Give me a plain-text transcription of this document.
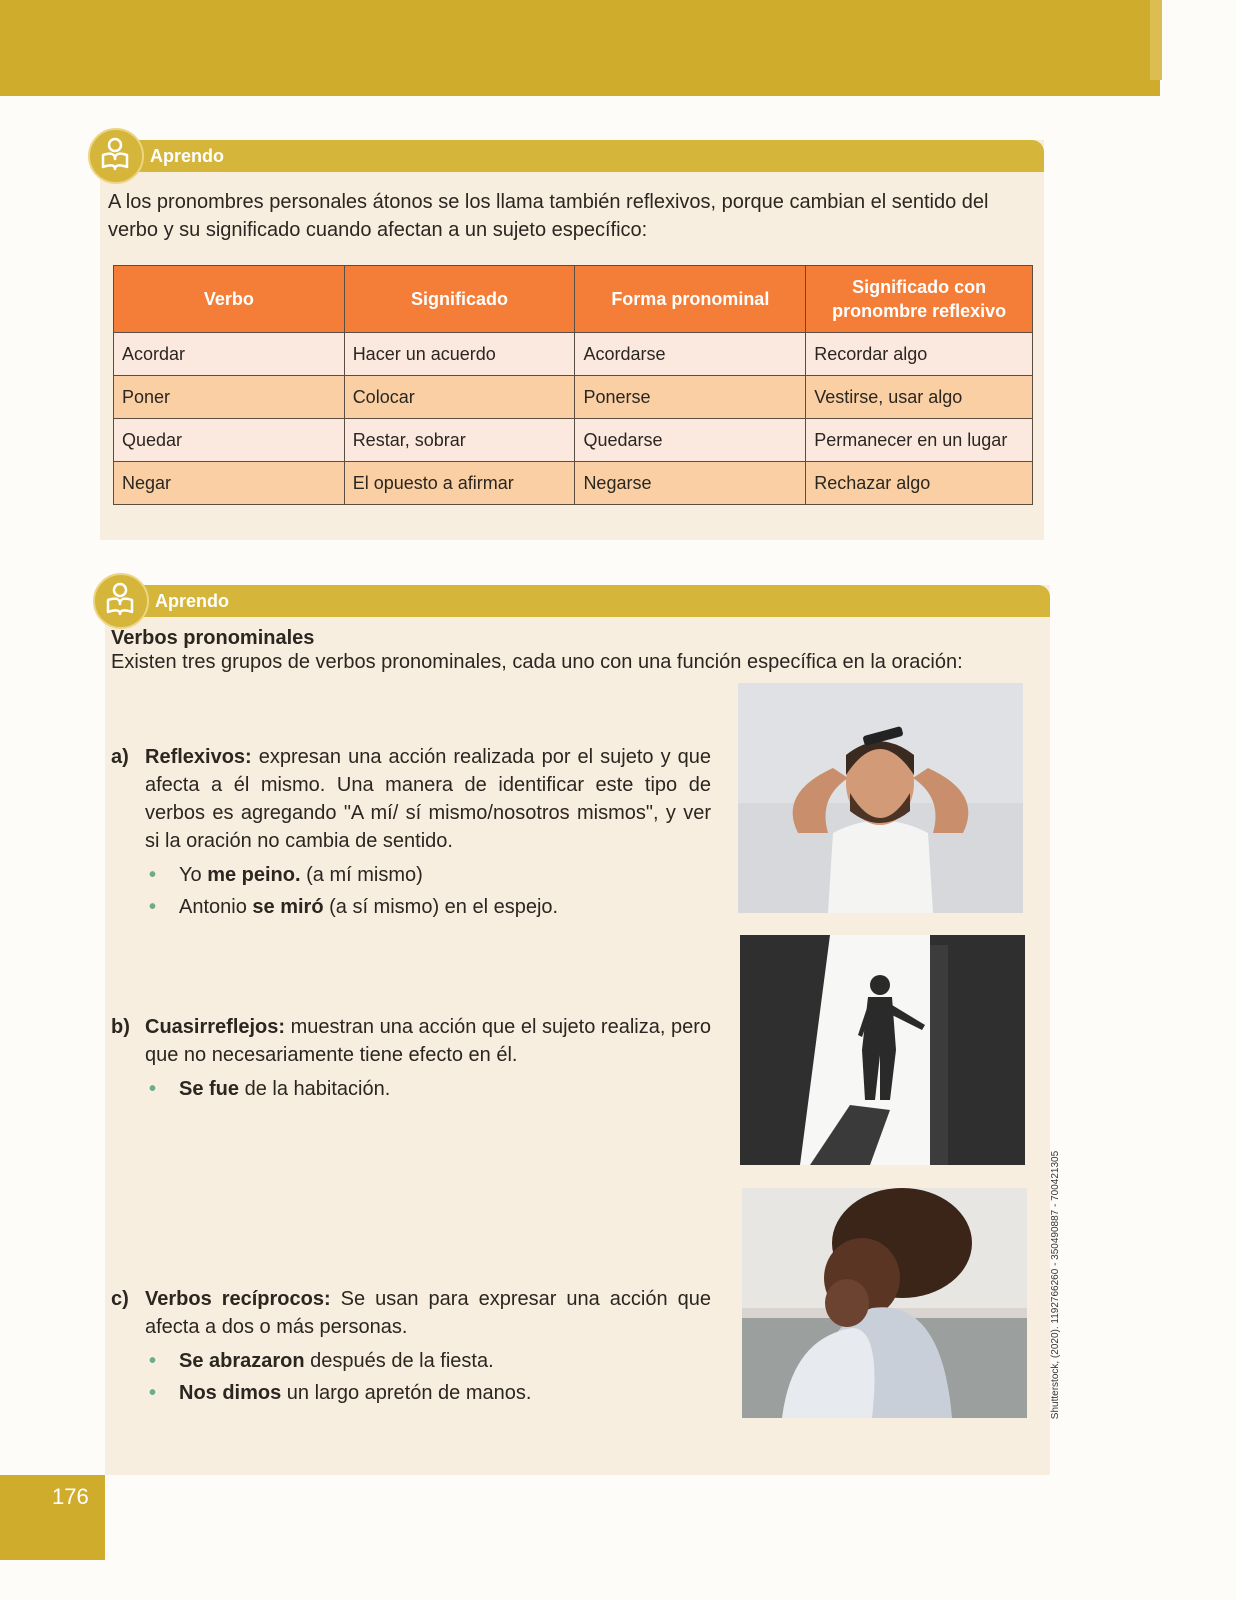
Aprendo

A los pronombres personales átonos se los llama también reflexivos, porque cambian el sentido del verbo y su significado cuando afectan a un sujeto específico:

Verbo	Significado	Forma pronominal	Significado con pronombre reflexivo
Acordar	Hacer un acuerdo	Acordarse	Recordar algo
Poner	Colocar	Ponerse	Vestirse, usar algo
Quedar	Restar, sobrar	Quedarse	Permanecer en un lugar
Negar	El opuesto a afirmar	Negarse	Rechazar algo
Aprendo

Verbos pronominales

Existen tres grupos de verbos pronominales, cada uno con una función específica en la oración:

a) Reflexivos: expresan una acción realizada por el sujeto y que afecta a él mismo. Una manera de identificar este tipo de verbos es agregando "A mí/ sí mismo/nosotros mismos", y ver si la oración no cambia de sentido.
• Yo me peino. (a mí mismo)
• Antonio se miró (a sí mismo) en el espejo.
b) Cuasirreflejos: muestran una acción que el sujeto realiza, pero que no necesariamente tiene efecto en él.
• Se fue de la habitación.
c) Verbos recíprocos: Se usan para expresar una acción que afecta a dos o más personas.
• Se abrazaron después de la fiesta.
• Nos dimos un largo apretón de manos.	Shutterstock, (2020). 1192766260 - 350490887 - 700421305
176
